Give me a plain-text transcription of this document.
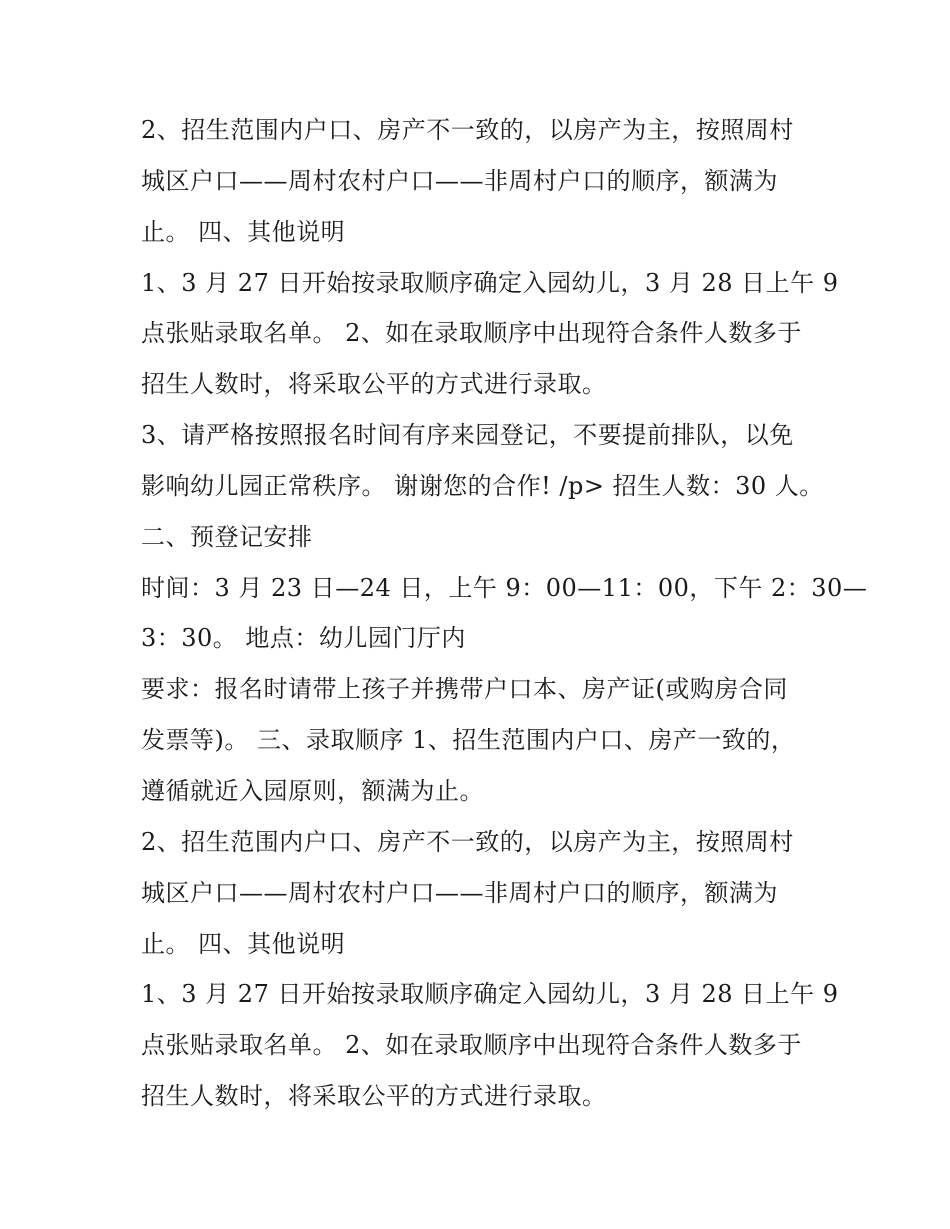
2、招生范围内户口、房产不一致的，以房产为主，按照周村
城区户口——周村农村户口——非周村户口的顺序，额满为
止。 四、其他说明
1、3 月 27 日开始按录取顺序确定入园幼儿，3 月 28 日上午 9
点张贴录取名单。 2、如在录取顺序中出现符合条件人数多于
招生人数时，将采取公平的方式进行录取。
3、请严格按照报名时间有序来园登记，不要提前排队，以免
影响幼儿园正常秩序。 谢谢您的合作! /p> 招生人数：30 人。
二、预登记安排
时间：3 月 23 日—24 日，上午 9：00—11：00，下午 2：30—
3：30。 地点：幼儿园门厅内
要求：报名时请带上孩子并携带户口本、房产证(或购房合同
发票等)。 三、录取顺序 1、招生范围内户口、房产一致的，
遵循就近入园原则，额满为止。
2、招生范围内户口、房产不一致的，以房产为主，按照周村
城区户口——周村农村户口——非周村户口的顺序，额满为
止。 四、其他说明
1、3 月 27 日开始按录取顺序确定入园幼儿，3 月 28 日上午 9
点张贴录取名单。 2、如在录取顺序中出现符合条件人数多于
招生人数时，将采取公平的方式进行录取。
